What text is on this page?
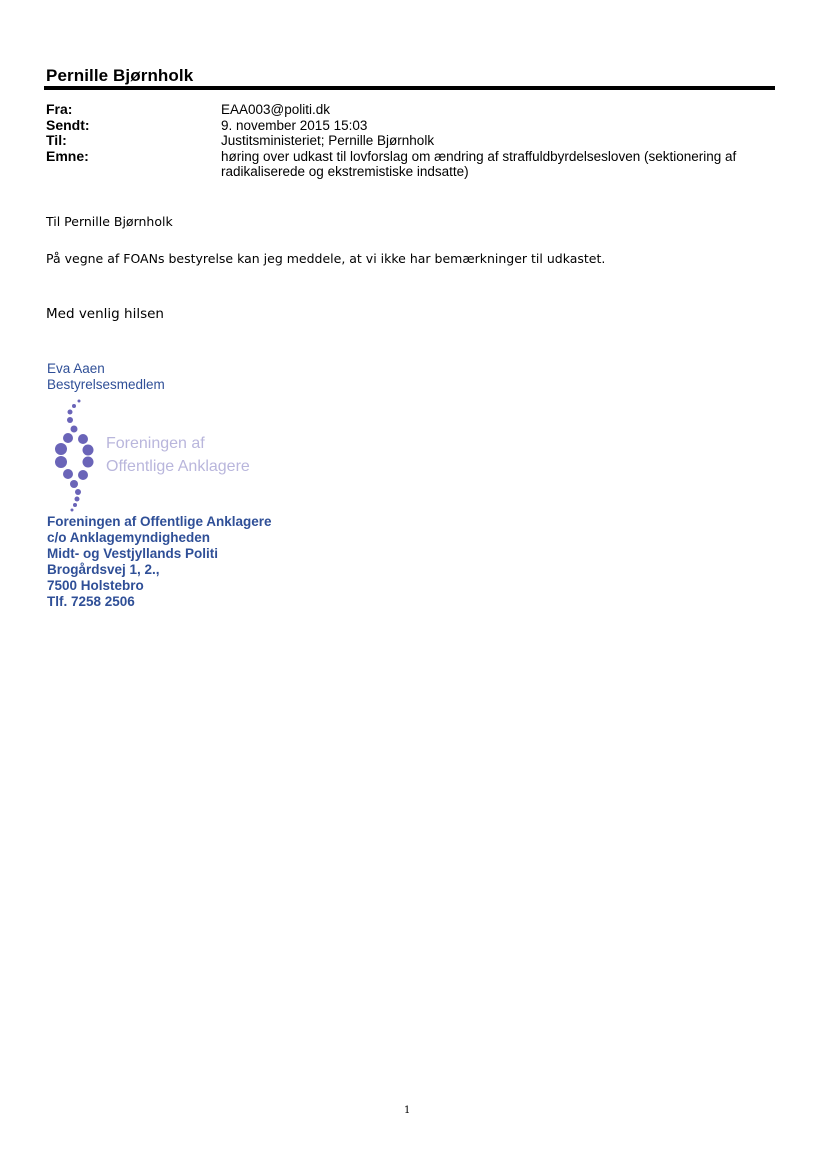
Pernille Bjørnholk
Fra:	EAA003@politi.dk
Sendt:	9. november 2015 15:03
Til:	Justitsministeriet; Pernille Bjørnholk
Emne:	høring over udkast til lovforslag om ændring af straffuldbyrdelsesloven (sektionering af
radikaliserede og ekstremistiske indsatte)
Til Pernille Bjørnholk
På vegne af FOANs bestyrelse kan jeg meddele, at vi ikke har bemærkninger til udkastet.
Med venlig hilsen
Eva Aaen
Bestyrelsesmedlem
Foreningen af
Offentlige Anklagere
Foreningen af Offentlige Anklagere
c/o Anklagemyndigheden
Midt- og Vestjyllands Politi
Brogårdsvej 1, 2.,
7500 Holstebro
Tlf. 7258 2506
1
